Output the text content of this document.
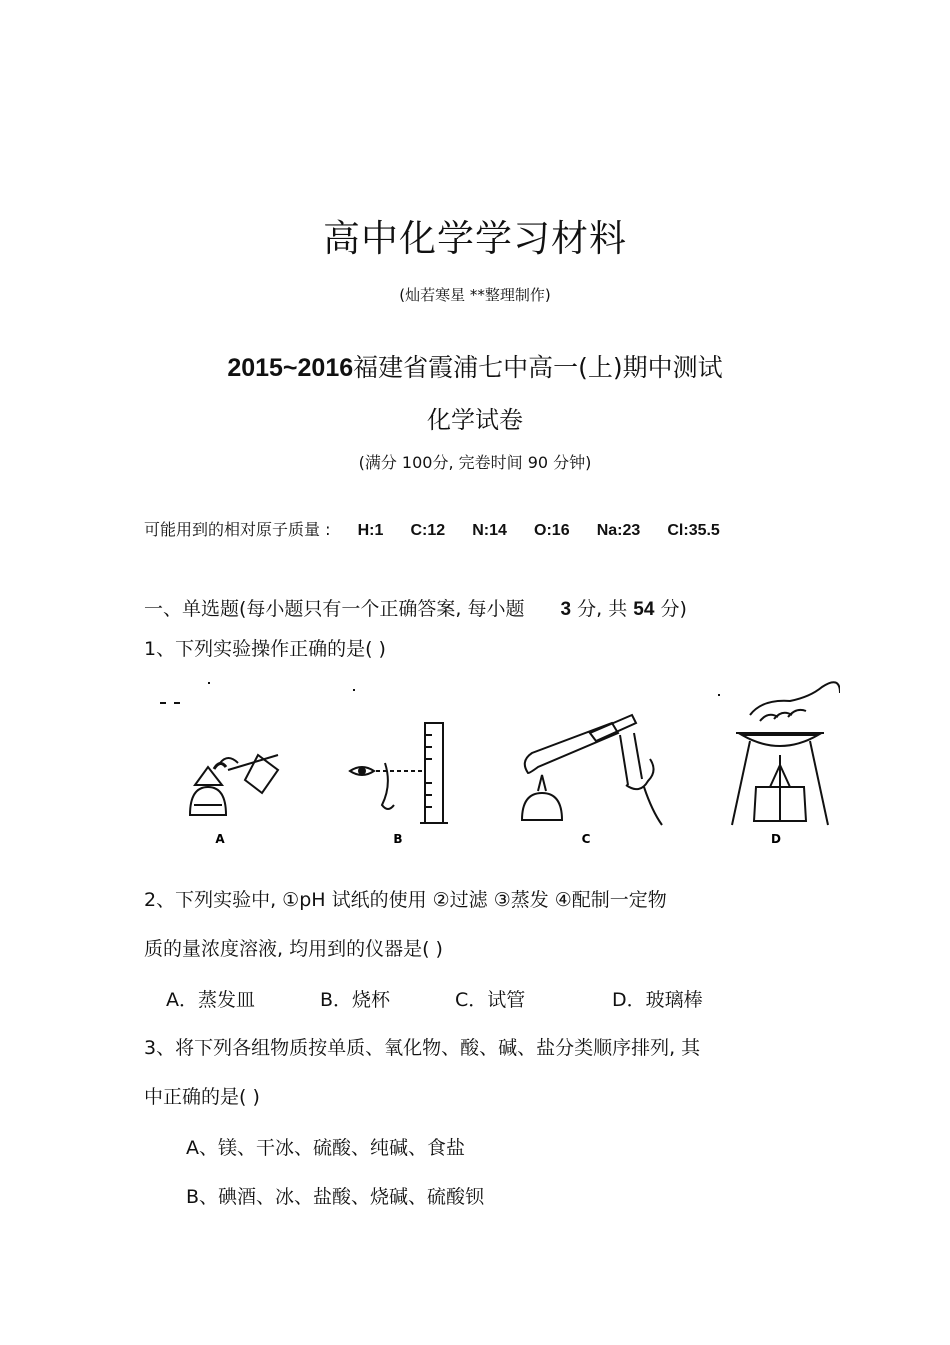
高中化学学习材料
(灿若寒星 **整理制作)
2015~2016福建省霞浦七中高一(上)期中测试
化学试卷
(满分 100分, 完卷时间 90 分钟)
可能用到的相对原子质量 : H:1 C:12 N:14 O:16 Na:23 Cl:35.5
一、单选题(每小题只有一个正确答案, 每小题 3 分, 共 54 分)
1、下列实验操作正确的是( )
A	B	C	D
2、下列实验中, ①pH 试纸的使用 ②过滤 ③蒸发 ④配制一定物
质的量浓度溶液, 均用到的仪器是( )
A．蒸发皿	B．烧杯	C．试管	D．玻璃棒
3、将下列各组物质按单质、氧化物、酸、碱、盐分类顺序排列, 其
中正确的是( )
A、镁、干冰、硫酸、纯碱、食盐
B、碘酒、冰、盐酸、烧碱、硫酸钡
